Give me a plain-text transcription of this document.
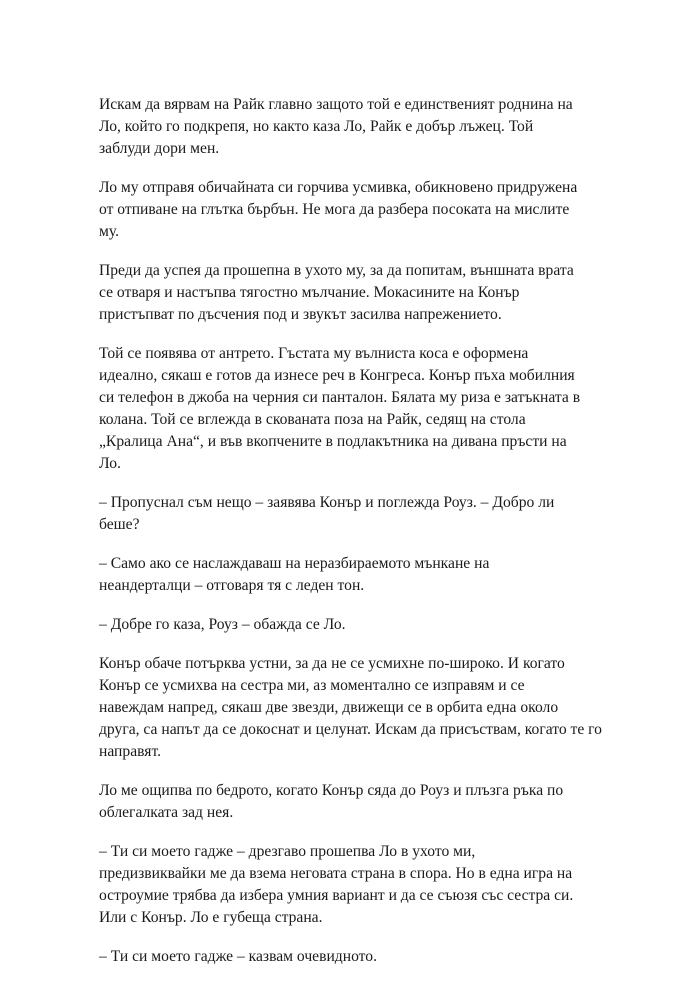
Искам да вярвам на Райк главно защото той е единственият роднина на
Ло, който го подкрепя, но както каза Ло, Райк е добър лъжец. Той
заблуди дори мен.

Ло му отправя обичайната си горчива усмивка, обикновено придружена
от отпиване на глътка бърбън. Не мога да разбера посоката на мислите
му.

Преди да успея да прошепна в ухото му, за да попитам, външната врата
се отваря и настъпва тягостно мълчание. Мокасините на Конър
пристъпват по дъсчения под и звукът засилва напрежението.

Той се появява от антрето. Гъстата му вълниста коса е оформена
идеално, сякаш е готов да изнесе реч в Конгреса. Конър пъха мобилния
си телефон в джоба на черния си панталон. Бялата му риза е затъкната в
колана. Той се вглежда в скованата поза на Райк, седящ на стола
„Кралица Ана“, и във вкопчените в подлакътника на дивана пръсти на
Ло.

– Пропуснал съм нещо – заявява Конър и поглежда Роуз. – Добро ли
беше?

– Само ако се наслаждаваш на неразбираемото мънкане на
неандерталци – отговаря тя с леден тон.

– Добре го каза, Роуз – обажда се Ло.

Конър обаче потърква устни, за да не се усмихне по-широко. И когато
Конър се усмихва на сестра ми, аз моментално се изправям и се
навеждам напред, сякаш две звезди, движещи се в орбита една около
друга, са напът да се докоснат и целунат. Искам да присъствам, когато те го
направят.

Ло ме ощипва по бедрото, когато Конър сяда до Роуз и плъзга ръка по
облегалката зад нея.

– Ти си моето гадже – дрезгаво прошепва Ло в ухото ми,
предизвиквайки ме да взема неговата страна в спора. Но в една игра на
остроумие трябва да избера умния вариант и да се съюзя със сестра си.
Или с Конър. Ло е губеща страна.

– Ти си моето гадже – казвам очевидното.
